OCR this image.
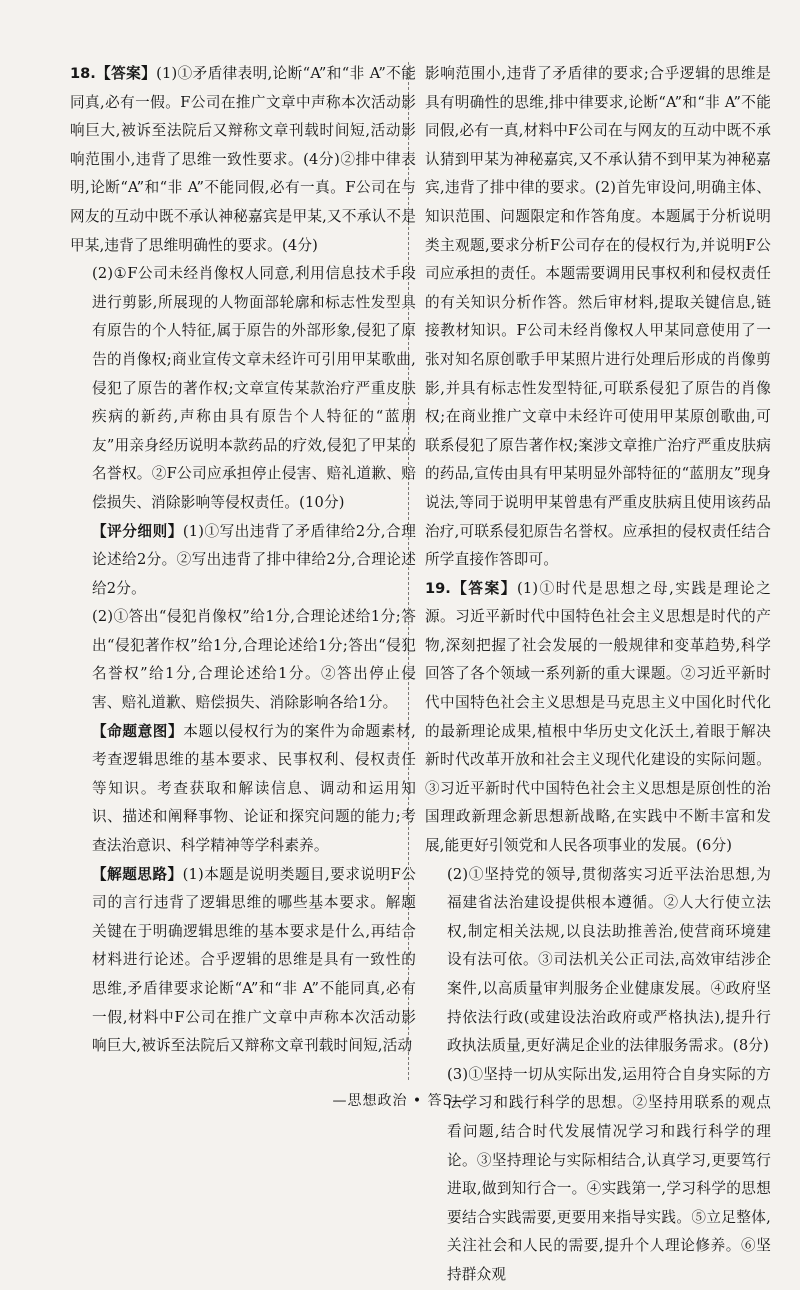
18.【答案】(1)①矛盾律表明,论断“A”和“非 A”不能同真,必有一假。F公司在推广文章中声称本次活动影响巨大,被诉至法院后又辩称文章刊载时间短,活动影响范围小,违背了思维一致性要求。(4分)②排中律表明,论断“A”和“非 A”不能同假,必有一真。F公司在与网友的互动中既不承认神秘嘉宾是甲某,又不承认不是甲某,违背了思维明确性的要求。(4分)

(2)①F公司未经肖像权人同意,利用信息技术手段进行剪影,所展现的人物面部轮廓和标志性发型具有原告的个人特征,属于原告的外部形象,侵犯了原告的肖像权;商业宣传文章未经许可引用甲某歌曲,侵犯了原告的著作权;文章宣传某款治疗严重皮肤疾病的新药,声称由具有原告个人特征的“蓝朋友”用亲身经历说明本款药品的疗效,侵犯了甲某的名誉权。②F公司应承担停止侵害、赔礼道歉、赔偿损失、消除影响等侵权责任。(10分)

【评分细则】(1)①写出违背了矛盾律给2分,合理论述给2分。②写出违背了排中律给2分,合理论述给2分。

(2)①答出“侵犯肖像权”给1分,合理论述给1分;答出“侵犯著作权”给1分,合理论述给1分;答出“侵犯名誉权”给1分,合理论述给1分。②答出停止侵害、赔礼道歉、赔偿损失、消除影响各给1分。

【命题意图】本题以侵权行为的案件为命题素材,考查逻辑思维的基本要求、民事权利、侵权责任等知识。考查获取和解读信息、调动和运用知识、描述和阐释事物、论证和探究问题的能力;考查法治意识、科学精神等学科素养。

【解题思路】(1)本题是说明类题目,要求说明F公司的言行违背了逻辑思维的哪些基本要求。解题关键在于明确逻辑思维的基本要求是什么,再结合材料进行论述。合乎逻辑的思维是具有一致性的思维,矛盾律要求论断“A”和“非 A”不能同真,必有一假,材料中F公司在推广文章中声称本次活动影响巨大,被诉至法院后又辩称文章刊载时间短,活动

影响范围小,违背了矛盾律的要求;合乎逻辑的思维是具有明确性的思维,排中律要求,论断“A”和“非 A”不能同假,必有一真,材料中F公司在与网友的互动中既不承认猜到甲某为神秘嘉宾,又不承认猜不到甲某为神秘嘉宾,违背了排中律的要求。(2)首先审设问,明确主体、知识范围、问题限定和作答角度。本题属于分析说明类主观题,要求分析F公司存在的侵权行为,并说明F公司应承担的责任。本题需要调用民事权利和侵权责任的有关知识分析作答。然后审材料,提取关键信息,链接教材知识。F公司未经肖像权人甲某同意使用了一张对知名原创歌手甲某照片进行处理后形成的肖像剪影,并具有标志性发型特征,可联系侵犯了原告的肖像权;在商业推广文章中未经许可使用甲某原创歌曲,可联系侵犯了原告著作权;案涉文章推广治疗严重皮肤病的药品,宣传由具有甲某明显外部特征的“蓝朋友”现身说法,等同于说明甲某曾患有严重皮肤病且使用该药品治疗,可联系侵犯原告名誉权。应承担的侵权责任结合所学直接作答即可。

19.【答案】(1)①时代是思想之母,实践是理论之源。习近平新时代中国特色社会主义思想是时代的产物,深刻把握了社会发展的一般规律和变革趋势,科学回答了各个领域一系列新的重大课题。②习近平新时代中国特色社会主义思想是马克思主义中国化时代化的最新理论成果,植根中华历史文化沃土,着眼于解决新时代改革开放和社会主义现代化建设的实际问题。③习近平新时代中国特色社会主义思想是原创性的治国理政新理念新思想新战略,在实践中不断丰富和发展,能更好引领党和人民各项事业的发展。(6分)

(2)①坚持党的领导,贯彻落实习近平法治思想,为福建省法治建设提供根本遵循。②人大行使立法权,制定相关法规,以良法助推善治,使营商环境建设有法可依。③司法机关公正司法,高效审结涉企案件,以高质量审判服务企业健康发展。④政府坚持依法行政(或建设法治政府或严格执法),提升行政执法质量,更好满足企业的法律服务需求。(8分)

(3)①坚持一切从实际出发,运用符合自身实际的方法学习和践行科学的思想。②坚持用联系的观点看问题,结合时代发展情况学习和践行科学的理论。③坚持理论与实际相结合,认真学习,更要笃行进取,做到知行合一。④实践第一,学习科学的思想要结合实践需要,更要用来指导实践。⑤立足整体,关注社会和人民的需要,提升个人理论修养。⑥坚持群众观

—思想政治 • 答5—
